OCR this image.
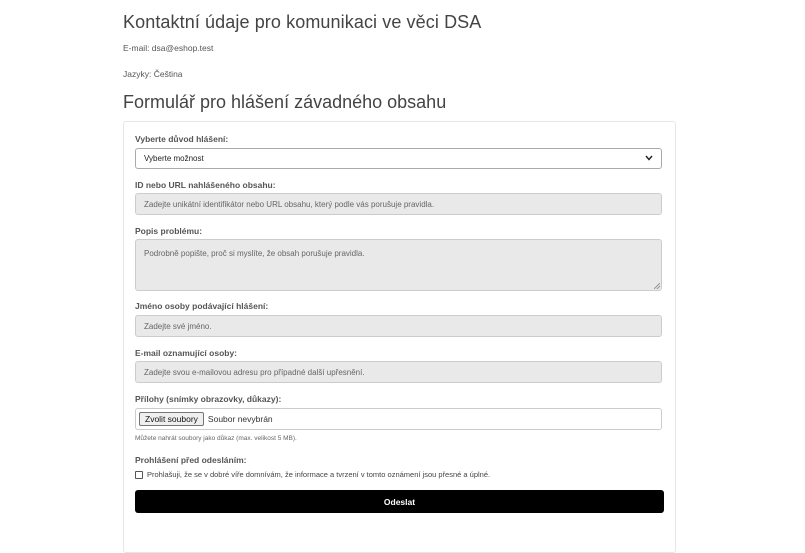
Kontaktní údaje pro komunikaci ve věci DSA
E-mail: dsa@eshop.test
Jazyky: Čeština
Formulář pro hlášení závadného obsahu
Vyberte důvod hlášení:
Vyberte možnost
ID nebo URL nahlášeného obsahu:
Zadejte unikátní identifikátor nebo URL obsahu, který podle vás porušuje pravidla.
Popis problému:
Podrobně popište, proč si myslíte, že obsah porušuje pravidla.
Jméno osoby podávající hlášení:
Zadejte své jméno.
E-mail oznamující osoby:
Zadejte svou e-mailovou adresu pro případné další upřesnění.
Přílohy (snímky obrazovky, důkazy):
Zvolit soubory	Soubor nevybrán
Můžete nahrát soubory jako důkaz (max. velikost 5 MB).
Prohlášení před odesláním:
Prohlašuji, že se v dobré víře domnívám, že informace a tvrzení v tomto oznámení jsou přesné a úplné.
Odeslat
